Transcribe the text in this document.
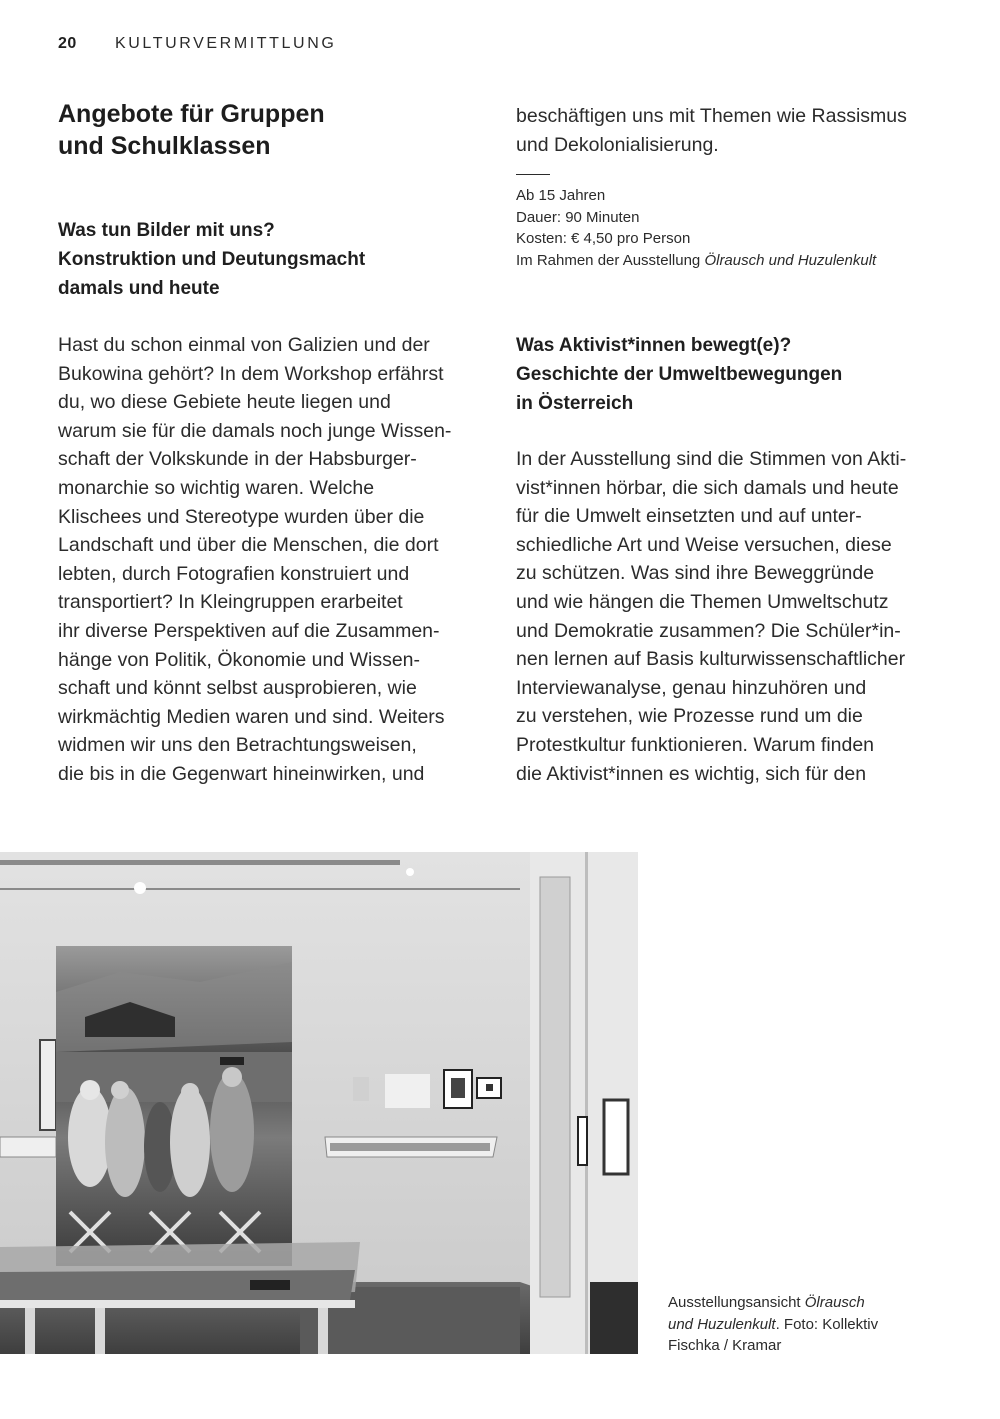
20 KULTURVERMITTLUNG
Angebote für Gruppen
und Schulklassen
Was tun Bilder mit uns?
Konstruktion und Deutungsmacht
damals und heute
Hast du schon einmal von Galizien und der
Bukowina gehört? In dem Workshop erfährst
du, wo diese Gebiete heute liegen und
warum sie für die damals noch junge Wissen-
schaft der Volkskunde in der Habsburger-
monarchie so wichtig waren. Welche
Klischees und Stereotype wurden über die
Landschaft und über die Menschen, die dort
lebten, durch Fotografien konstruiert und
transportiert? In Kleingruppen erarbeitet
ihr diverse Perspektiven auf die Zusammen-
hänge von Politik, Ökonomie und Wissen-
schaft und könnt selbst ausprobieren, wie
wirkmächtig Medien waren und sind. Weiters
widmen wir uns den Betrachtungsweisen,
die bis in die Gegenwart hineinwirken, und
beschäftigen uns mit Themen wie Rassismus
und Dekolonialisierung.
Ab 15 Jahren
Dauer: 90 Minuten
Kosten: € 4,50 pro Person
Im Rahmen der Ausstellung Ölrausch und Huzulenkult
Was Aktivist*innen bewegt(e)?
Geschichte der Umweltbewegungen
in Österreich
In der Ausstellung sind die Stimmen von Akti-
vist*innen hörbar, die sich damals und heute
für die Umwelt einsetzten und auf unter-
schiedliche Art und Weise versuchen, diese
zu schützen. Was sind ihre Beweggründe
und wie hängen die Themen Umweltschutz
und Demokratie zusammen? Die Schüler*in-
nen lernen auf Basis kulturwissenschaftlicher
Interviewanalyse, genau hinzuhören und
zu verstehen, wie Prozesse rund um die
Protestkultur funktionieren. Warum finden
die Aktivist*innen es wichtig, sich für den
Ausstellungsansicht Ölrausch
und Huzulenkult. Foto: Kollektiv
Fischka / Kramar
